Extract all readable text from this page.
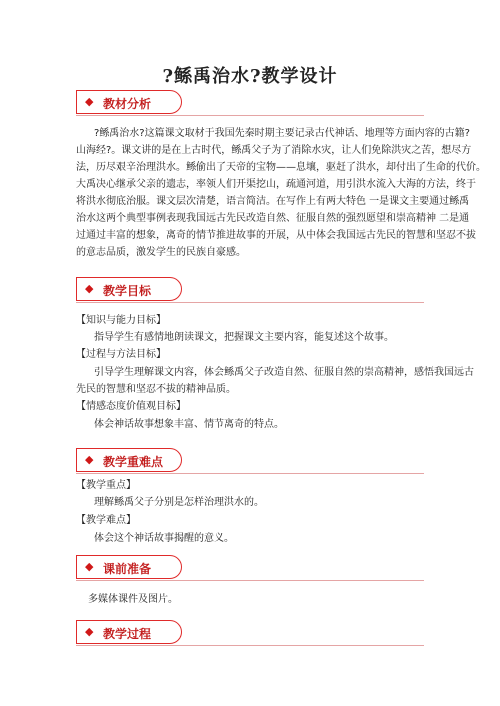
?鲧禹治水?教学设计
◆ 教材分析
?鲧禹治水?这篇课文取材于我国先秦时期主要记录古代神话、地理等方面内容的古籍?
山海经?。课文讲的是在上古时代，鲧禹父子为了消除水灾，让人们免除洪灾之苦，想尽方
法，历尽艰辛治理洪水。鲧偷出了天帝的宝物——息壤，驱赶了洪水，却付出了生命的代价。
大禹决心继承父亲的遗志，率领人们开渠挖山，疏通河道，用引洪水流入大海的方法，终于
将洪水彻底治服。课文层次清楚，语言简洁。在写作上有两大特色 一是课文主要通过鲧禹
治水这两个典型事例表现我国远古先民改造自然、征服自然的强烈愿望和崇高精神 二是通
过通过丰富的想象，离奇的情节推进故事的开展，从中体会我国远古先民的智慧和坚忍不拔
的意志品质，激发学生的民族自豪感。
◆ 教学目标
【知识与能力目标】
指导学生有感情地朗读课文，把握课文主要内容，能复述这个故事。
【过程与方法目标】
引导学生理解课文内容，体会鲧禹父子改造自然、征服自然的崇高精神，感悟我国远古
先民的智慧和坚忍不拔的精神品质。
【情感态度价值观目标】
体会神话故事想象丰富、情节离奇的特点。
◆ 教学重难点
【教学重点】
理解鲧禹父子分别是怎样治理洪水的。
【教学难点】
体会这个神话故事揭醒的意义。
◆ 课前准备
多媒体课件及图片。
◆ 教学过程
